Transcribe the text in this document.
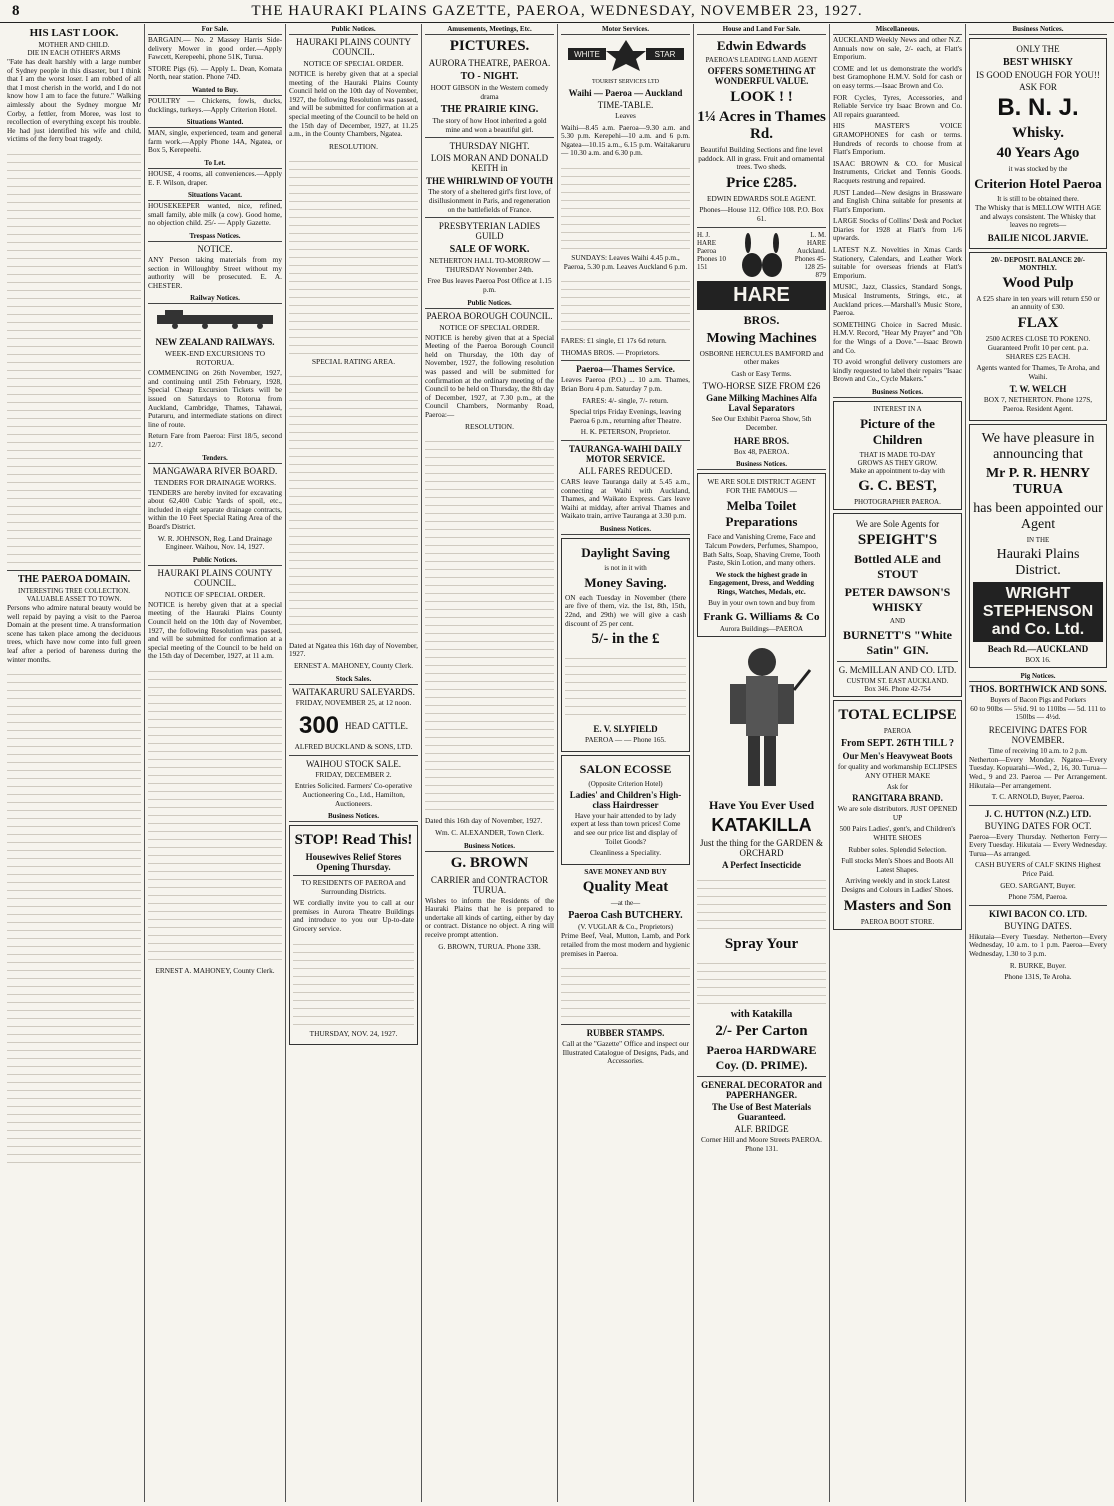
8	THE HAURAKI PLAINS GAZETTE, PAEROA, WEDNESDAY, NOVEMBER 23, 1927.
HIS LAST LOOK.
MOTHER AND CHILD.
DIE IN EACH OTHER'S ARMS
"Fate has dealt harshly with a large number of Sydney people in this disaster, but I think that I am the worst loser. I am robbed of all that I most cherish in the world, and I do not know how I am to face the future." Walking aimlessly about the Sydney morgue Mr Corby, a fettler, from Moree, was lost to recollection of everything except his trouble. He had just identified his wife and child, victims of the ferry boat tragedy.
THE PAEROA DOMAIN.
INTERESTING TREE COLLECTION.
VALUABLE ASSET TO TOWN.
Persons who admire natural beauty would be well repaid by paying a visit to the Paeroa Domain at the present time. A transformation scene has taken place among the deciduous trees, which have now come into full green leaf after a period of bareness during the winter months.
For Sale.
BARGAIN.— No. 2 Massey Harris Side-delivery Mower in good order.—Apply Fawcett, Kerepeehi, phone 51K, Turua.
STORE Pigs (6). — Apply L. Dean, Komata North, near station. Phone 74D.
Wanted to Buy.
POULTRY — Chickens, fowls, ducks, ducklings, turkeys.—Apply Criterion Hotel.
Situations Wanted.
MAN, single, experienced, team and general farm work.—Apply Phone 14A, Ngatea, or Box 5, Kerepeehi.
To Let.
HOUSE, 4 rooms, all conveniences.—Apply E. F. Wilson, draper.
Situations Vacant.
HOUSEKEEPER wanted, nice, refined, small family, able milk (a cow). Good home, no objection child. 25/- — Apply Gazette.
Trespass Notices.
NOTICE.
ANY Person taking materials from my section in Willoughby Street without my authority will be prosecuted. E. A. CHESTER.
Railway Notices.
NEW ZEALAND RAILWAYS.
WEEK-END EXCURSIONS TO ROTORUA.
COMMENCING on 26th November, 1927, and continuing until 25th February, 1928, Special Cheap Excursion Tickets will be issued on Saturdays to Rotorua from Auckland, Cambridge, Thames, Tahawai, Putaruru, and intermediate stations on direct line of route.
Return Fare from Paeroa: First 18/5, second 12/7.
Tenders.
MANGAWARA RIVER BOARD.
TENDERS FOR DRAINAGE WORKS.
TENDERS are hereby invited for excavating about 62,400 Cubic Yards of spoil, etc., included in eight separate drainage contracts, within the 10 Feet Special Rating Area of the Board's District.
W. R. JOHNSON, Reg. Land Drainage Engineer. Waihou, Nov. 14, 1927.
Public Notices.
HAURAKI PLAINS COUNTY COUNCIL.
NOTICE OF SPECIAL ORDER.
NOTICE is hereby given that at a special meeting of the Hauraki Plains County Council held on the 10th day of November, 1927, the following Resolution was passed, and will be submitted for confirmation at a special meeting of the Council to be held on the 15th day of December, 1927, at 11 a.m.
ERNEST A. MAHONEY, County Clerk.
Public Notices.
HAURAKI PLAINS COUNTY COUNCIL.
NOTICE OF SPECIAL ORDER.
NOTICE is hereby given that at a special meeting of the Hauraki Plains County Council held on the 10th day of November, 1927, the following Resolution was passed, and will be submitted for confirmation at a special meeting of the Council to be held on the 15th day of December, 1927, at 11.25 a.m., in the County Chambers, Ngatea.
RESOLUTION.
SPECIAL RATING AREA.
Dated at Ngatea this 16th day of November, 1927.
ERNEST A. MAHONEY, County Clerk.
Stock Sales.
WAITAKARURU SALEYARDS.
FRIDAY, NOVEMBER 25, at 12 noon.
300 HEAD CATTLE.
ALFRED BUCKLAND & SONS, LTD.
WAIHOU STOCK SALE.
FRIDAY, DECEMBER 2.
Entries Solicited. Farmers' Co-operative Auctioneering Co., Ltd., Hamilton, Auctioneers.
Business Notices.
STOP! Read This!
Housewives Relief Stores Opening Thursday.
TO RESIDENTS OF PAEROA and Surrounding Districts.
WE cordially invite you to call at our premises in Aurora Theatre Buildings and introduce to you our Up-to-date Grocery service.
THURSDAY, NOV. 24, 1927.
Amusements, Meetings, Etc.
PICTURES.
AURORA THEATRE, PAEROA.
TO - NIGHT.
HOOT GIBSON in the Western comedy drama
THE PRAIRIE KING.
The story of how Hoot inherited a gold mine and won a beautiful girl.
THURSDAY NIGHT.
LOIS MORAN AND DONALD KEITH in
THE WHIRLWIND OF YOUTH
The story of a sheltered girl's first love, of disillusionment in Paris, and regeneration on the battlefields of France.
PRESBYTERIAN LADIES GUILD
SALE OF WORK.
NETHERTON HALL TO-MORROW — THURSDAY November 24th.
Free Bus leaves Paeroa Post Office at 1.15 p.m.
Public Notices.
PAEROA BOROUGH COUNCIL.
NOTICE OF SPECIAL ORDER.
NOTICE is hereby given that at a Special Meeting of the Paeroa Borough Council held on Thursday, the 10th day of November, 1927, the following resolution was passed and will be submitted for confirmation at the ordinary meeting of the Council to be held on Thursday, the 8th day of December, 1927, at 7.30 p.m., at the Council Chambers, Normanby Road, Paeroa:—
RESOLUTION.
Dated this 16th day of November, 1927.
Wm. C. ALEXANDER, Town Clerk.
Business Notices.
G. BROWN
CARRIER and CONTRACTOR TURUA.
Wishes to inform the Residents of the Hauraki Plains that he is prepared to undertake all kinds of carting, either by day or contract. Distance no object. A ring will receive prompt attention.
G. BROWN, TURUA. Phone 33R.
Motor Services.
WHITE	STAR
TOURIST SERVICES LTD
Waihi — Paeroa — Auckland
TIME-TABLE.
Leaves
Waihi—8.45 a.m. Paeroa—9.30 a.m. and 5.30 p.m. Kerepehi—10 a.m. and 6 p.m. Ngatea—10.15 a.m., 6.15 p.m. Waitakaruru — 10.30 a.m. and 6.30 p.m.
SUNDAYS: Leaves Waihi 4.45 p.m., Paeroa, 5.30 p.m. Leaves Auckland 6 p.m.
FARES: £1 single, £1 17s 6d return.
THOMAS BROS. — Proprietors.
Paeroa—Thames Service.
Leaves Paeroa (P.O.) ... 10 a.m. Thames, Brian Boru 4 p.m. Saturday 7 p.m.
FARES: 4/- single, 7/- return.
Special trips Friday Evenings, leaving Paeroa 6 p.m., returning after Theatre.
H. K. PETERSON, Proprietor.
TAURANGA-WAIHI DAILY MOTOR SERVICE.
ALL FARES REDUCED.
CARS leave Tauranga daily at 5.45 a.m., connecting at Waihi with Auckland, Thames, and Waikato Express. Cars leave Waihi at midday, after arrival Thames and Waikato train, arrive Tauranga at 3.30 p.m.
Business Notices.
Daylight Saving
is not in it with
Money Saving.
ON each Tuesday in November (there are five of them, viz. the 1st, 8th, 15th, 22nd, and 29th) we will give a cash discount of 25 per cent.
5/- in the £
E. V. SLYFIELD
PAEROA — — Phone 165.
SALON ECOSSE
(Opposite Criterion Hotel)
Ladies' and Children's High-class Hairdresser
Have your hair attended to by lady expert at less than town prices! Come and see our price list and display of Toilet Goods?
Cleanliness a Speciality.
SAVE MONEY AND BUY
Quality Meat
—at the—
Paeroa Cash BUTCHERY.
(V. VUGLAR & Co., Proprietors)
Prime Beef, Veal, Mutton, Lamb, and Pork retailed from the most modern and hygienic premises in Paeroa.
RUBBER STAMPS.
Call at the "Gazette" Office and inspect our Illustrated Catalogue of Designs, Pads, and Accessories.
House and Land For Sale.
Edwin Edwards
PAEROA'S LEADING LAND AGENT
OFFERS SOMETHING AT WONDERFUL VALUE.
LOOK ! !
1¼ Acres in Thames Rd.
Beautiful Building Sections and fine level paddock. All in grass. Fruit and ornamental trees. Two sheds.
Price £285.
EDWIN EDWARDS SOLE AGENT.
Phones—House 112. Office 108. P.O. Box 61.
H. J. HARE Paeroa Phones 10 151
L. M. HARE Auckland. Phones 45-128 25-879
HARE
BROS.
Mowing Machines
OSBORNE HERCULES BAMFORD and other makes
Cash or Easy Terms.
TWO-HORSE SIZE FROM £26
Gane Milking Machines Alfa Laval Separators
See Our Exhibit Paeroa Show, 5th December.
HARE BROS.
Box 48, PAEROA.
Business Notices.
WE ARE SOLE DISTRICT AGENT FOR THE FAMOUS —
Melba Toilet Preparations
Face and Vanishing Creme, Face and Talcum Powders, Perfumes, Shampoo, Bath Salts, Soap, Shaving Creme, Tooth Paste, Skin Lotion, and many others.
We stock the highest grade in Engagement, Dress, and Wedding Rings, Watches, Medals, etc.
Buy in your own town and buy from
Frank G. Williams & Co
Aurora Buildings—PAEROA
Have You Ever Used
KATAKILLA
Just the thing for the GARDEN & ORCHARD
A Perfect Insecticide
Spray Your
with Katakilla
2/- Per Carton
Paeroa HARDWARE Coy. (D. PRIME).
GENERAL DECORATOR and PAPERHANGER.
The Use of Best Materials Guaranteed.
ALF. BRIDGE
Corner Hill and Moore Streets PAEROA. Phone 131.
Miscellaneous.
AUCKLAND Weekly News and other N.Z. Annuals now on sale, 2/- each, at Flatt's Emporium.
COME and let us demonstrate the world's best Gramophone H.M.V. Sold for cash or on easy terms.—Isaac Brown and Co.
FOR Cycles, Tyres, Accessories, and Reliable Service try Isaac Brown and Co. All repairs guaranteed.
HIS MASTER'S VOICE GRAMOPHONES for cash or terms. Hundreds of records to choose from at Flatt's Emporium.
ISAAC BROWN & CO. for Musical Instruments, Cricket and Tennis Goods. Racquets restrung and repaired.
JUST Landed—New designs in Brassware and English China suitable for presents at Flatt's Emporium.
LARGE Stocks of Collins' Desk and Pocket Diaries for 1928 at Flatt's from 1/6 upwards.
LATEST N.Z. Novelties in Xmas Cards Stationery, Calendars, and Leather Work suitable for overseas friends at Flatt's Emporium.
MUSIC, Jazz, Classics, Standard Songs, Musical Instruments, Strings, etc., at Auckland prices.—Marshall's Music Store, Paeroa.
SOMETHING Choice in Sacred Music. H.M.V. Record, "Hear My Prayer" and "Oh for the Wings of a Dove."—Isaac Brown and Co.
TO avoid wrongful delivery customers are kindly requested to label their repairs "Isaac Brown and Co., Cycle Makers."
Business Notices.
INTEREST IN A
Picture of the Children
THAT IS MADE TO-DAY
GROWS AS THEY GROW.
Make an appointment to-day with
G. C. BEST,
PHOTOGRAPHER PAEROA.
We are Sole Agents for
SPEIGHT'S
Bottled ALE and STOUT
PETER DAWSON'S WHISKY
AND
BURNETT'S "White Satin" GIN.
G. McMILLAN AND CO. LTD.
CUSTOM ST. EAST AUCKLAND.
Box 346. Phone 42-754
TOTAL ECLIPSE
PAEROA
From SEPT. 26TH TILL ?
Our Men's Heavyweat Boots
for quality and workmanship ECLIPSES ANY OTHER MAKE
Ask for
RANGITARA BRAND.
We are sole distributors. JUST OPENED UP
500 Pairs Ladies', gent's, and Children's WHITE SHOES
Rubber soles. Splendid Selection.
Full stocks Men's Shoes and Boots All Latest Shapes.
Arriving weekly and in stock Latest Designs and Colours in Ladies' Shoes.
Masters and Son
PAEROA BOOT STORE.
Business Notices.
ONLY THE
BEST WHISKY
IS GOOD ENOUGH FOR YOU!!
ASK FOR
B. N. J.
Whisky.
40 Years Ago
it was stocked by the
Criterion Hotel Paeroa
It is still to be obtained there.
The Whisky that is MELLOW WITH AGE and always consistent. The Whisky that leaves no regrets—
BAILIE NICOL JARVIE.
20/- DEPOSIT. BALANCE 20/- MONTHLY.
Wood Pulp
A £25 share in ten years will return £50 or an annuity of £30.
FLAX
2500 ACRES CLOSE TO POKENO.
Guaranteed Profit 10 per cent. p.a. SHARES £25 EACH.
Agents wanted for Thames, Te Aroha, and Waihi.
T. W. WELCH
BOX 7, NETHERTON. Phone 127S, Paeroa. Resident Agent.
We have pleasure in announcing that
Mr P. R. HENRY TURUA
has been appointed our Agent
IN THE
Hauraki Plains District.
WRIGHT STEPHENSON and Co. Ltd.
Beach Rd.—AUCKLAND
BOX 16.
Pig Notices.
THOS. BORTHWICK AND SONS.
Buyers of Bacon Pigs and Porkers
60 to 90lbs — 5¾d. 91 to 110lbs — 5d. 111 to 150lbs — 4½d.
RECEIVING DATES FOR NOVEMBER.
Time of receiving 10 a.m. to 2 p.m.
Netherton—Every Monday. Ngatea—Every Tuesday. Kopuarahi—Wed., 2, 16, 30. Turua—Wed., 9 and 23. Paeroa — Per Arrangement. Hikutaia—Per arrangement.
T. C. ARNOLD, Buyer, Paeroa.
J. C. HUTTON (N.Z.) LTD.
BUYING DATES FOR OCT.
Paeroa—Every Thursday. Netherton Ferry—Every Tuesday. Hikutaia — Every Wednesday. Turua—As arranged.
CASH BUYERS of CALF SKINS Highest Price Paid.
GEO. SARGANT, Buyer.
Phone 75M, Paeroa.
KIWI BACON CO. LTD.
BUYING DATES.
Hikutaia—Every Tuesday. Netherton—Every Wednesday, 10 a.m. to 1 p.m. Paeroa—Every Wednesday, 1.30 to 3 p.m.
R. BURKE, Buyer.
Phone 131S, Te Aroha.
